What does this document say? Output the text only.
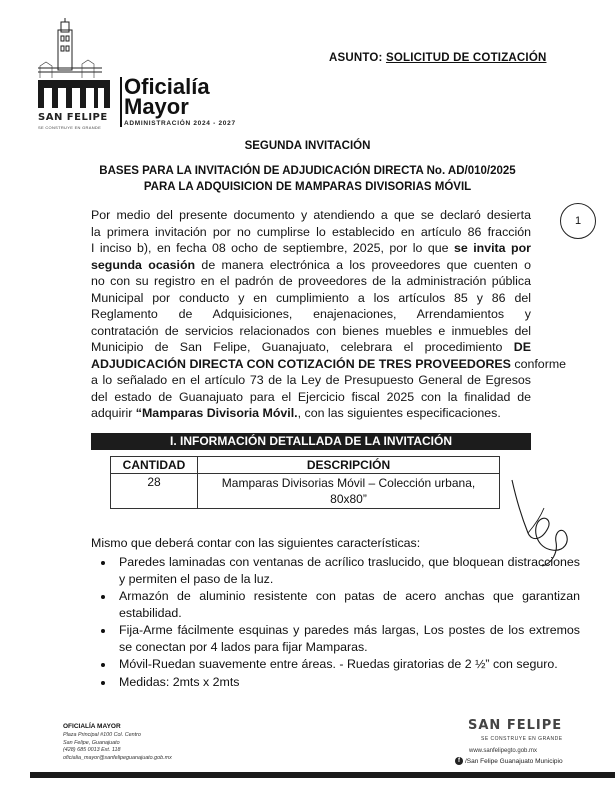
SAN FELIPE
SE CONSTRUYE EN GRANDE
Oficialía
Mayor
ADMINISTRACIÓN 2024 - 2027
ASUNTO: SOLICITUD DE COTIZACIÓN
SEGUNDA INVITACIÓN
BASES PARA LA INVITACIÓN DE ADJUDICACIÓN DIRECTA No. AD/010/2025
PARA LA ADQUISICION DE MAMPARAS DIVISORIAS MÓVIL
1
Por medio del presente documento y atendiendo a que se declaró desierta
la primera invitación por no cumplirse lo establecido en artículo 86 fracción
I inciso b), en fecha 08 ocho de septiembre, 2025, por lo que se invita por
segunda ocasión de manera electrónica a los proveedores que cuenten o
no con su registro en el padrón de proveedores de la administración pública
Municipal por conducto y en cumplimiento a los artículos 85 y 86 del
Reglamento de Adquisiciones, enajenaciones, Arrendamientos y
contratación de servicios relacionados con bienes muebles e inmuebles del
Municipio de San Felipe, Guanajuato, celebrara el procedimiento DE
ADJUDICACIÓN DIRECTA CON COTIZACIÓN DE TRES PROVEEDORES conforme
a lo señalado en el artículo 73 de la Ley de Presupuesto General de Egresos
del estado de Guanajuato para el Ejercicio fiscal 2025 con la finalidad de
adquirir “Mamparas Divisoria Móvil., con las siguientes especificaciones.
I. INFORMACIÓN DETALLADA DE LA INVITACIÓN
CANTIDAD	DESCRIPCIÓN
28	Mamparas Divisorias Móvil – Colección urbana,
80x80”
Mismo que deberá contar con las siguientes características:
• Paredes laminadas con ventanas de acrílico traslucido, que bloquean distracciones y permiten el paso de la luz.
• Armazón de aluminio resistente con patas de acero anchas que garantizan estabilidad.
• Fija-Arme fácilmente esquinas y paredes más largas, Los postes de los extremos se conectan por 4 lados para fijar Mamparas.
• Móvil-Ruedan suavemente entre áreas. - Ruedas giratorias de 2 ½” con seguro.
• Medidas: 2mts x 2mts
OFICIALÍA MAYOR
Plaza Principal #100 Col. Centro
San Felipe, Guanajuato
(428) 685 0013 Ext. 118
oficialia_mayor@sanfelipeguanajuato.gob.mx
SAN FELIPE
SE CONSTRUYE EN GRANDE
www.sanfelipegto.gob.mx
f /San Felipe Guanajuato Municipio
